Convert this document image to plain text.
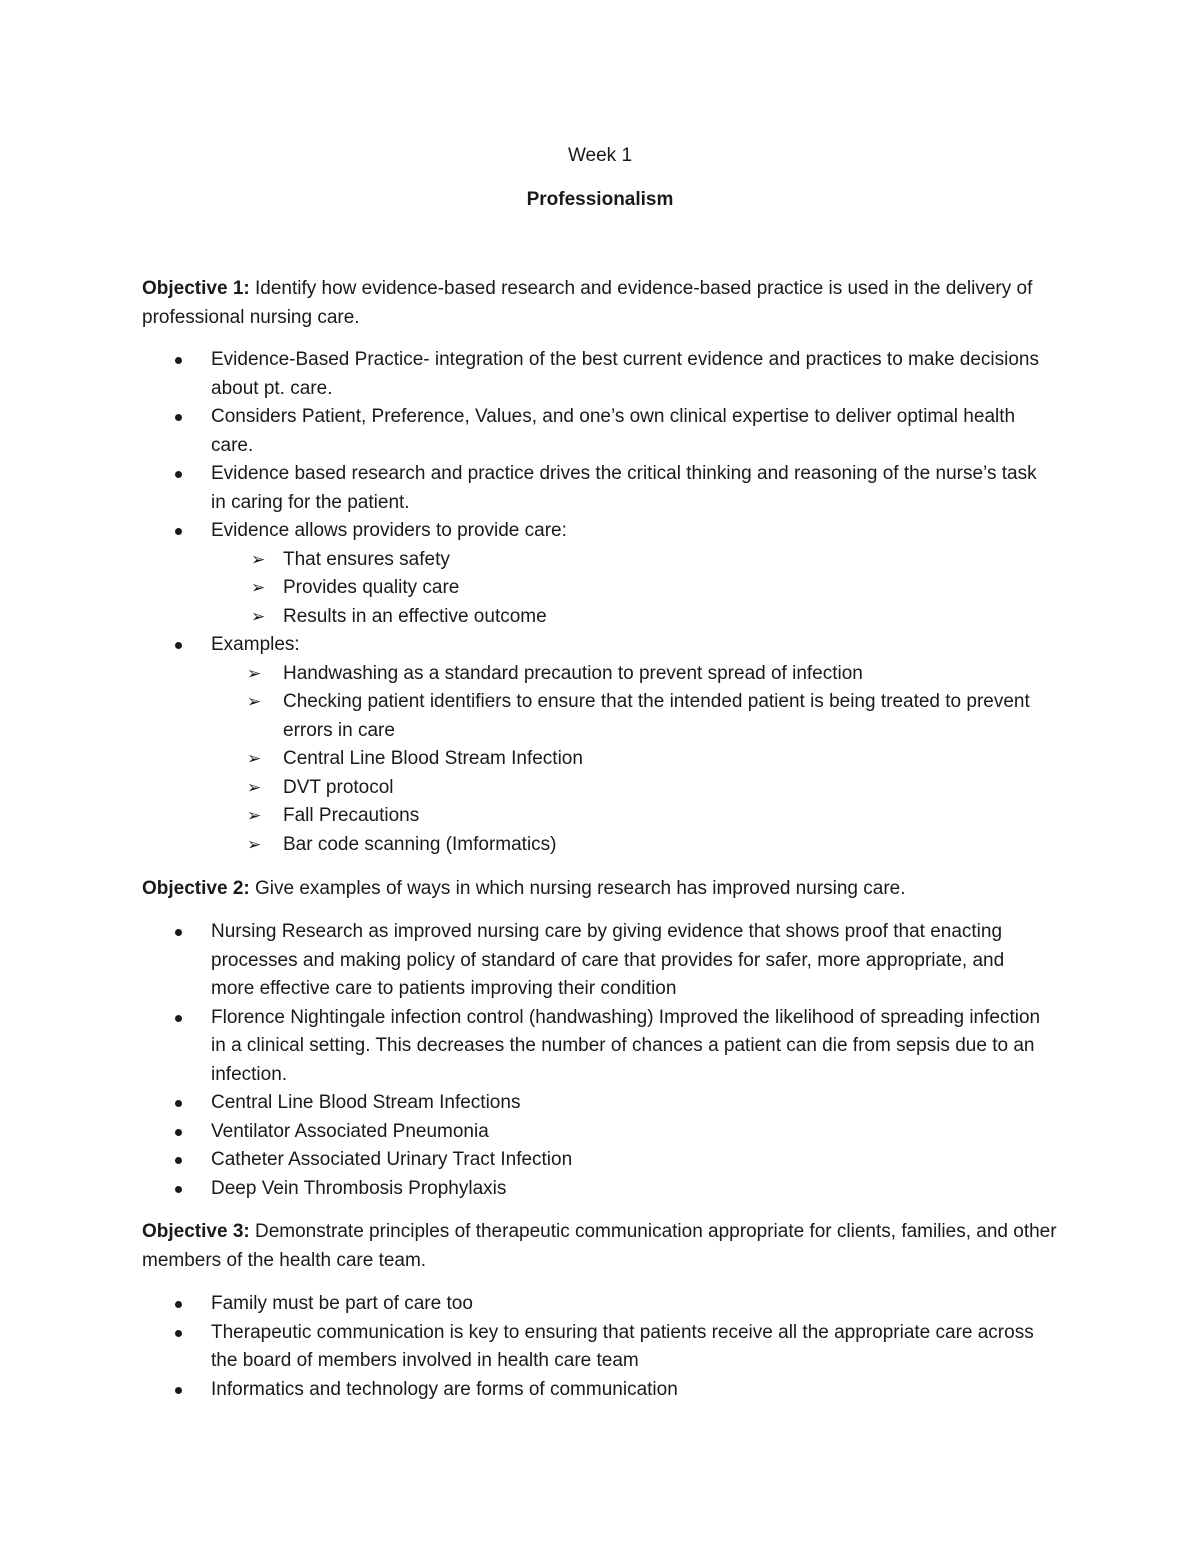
Week 1
Professionalism

Objective 1: Identify how evidence-based research and evidence-based practice is used in the delivery of professional nursing care.

Evidence-Based Practice- integration of the best current evidence and practices to make decisions about pt. care.
Considers Patient, Preference, Values, and one’s own clinical expertise to deliver optimal health care.
Evidence based research and practice drives the critical thinking and reasoning of the nurse’s task in caring for the patient.
Evidence allows providers to provide care:
➢ That ensures safety
➢ Provides quality care
➢ Results in an effective outcome
Examples:
➢ Handwashing as a standard precaution to prevent spread of infection
➢ Checking patient identifiers to ensure that the intended patient is being treated to prevent errors in care
➢ Central Line Blood Stream Infection
➢ DVT protocol
➢ Fall Precautions
➢ Bar code scanning (Imformatics)

Objective 2: Give examples of ways in which nursing research has improved nursing care.

Nursing Research as improved nursing care by giving evidence that shows proof that enacting processes and making policy of standard of care that provides for safer, more appropriate, and more effective care to patients improving their condition
Florence Nightingale infection control (handwashing) Improved the likelihood of spreading infection in a clinical setting. This decreases the number of chances a patient can die from sepsis due to an infection.
Central Line Blood Stream Infections
Ventilator Associated Pneumonia
Catheter Associated Urinary Tract Infection
Deep Vein Thrombosis Prophylaxis

Objective 3: Demonstrate principles of therapeutic communication appropriate for clients, families, and other members of the health care team.

Family must be part of care too
Therapeutic communication is key to ensuring that patients receive all the appropriate care across the board of members involved in health care team
Informatics and technology are forms of communication
